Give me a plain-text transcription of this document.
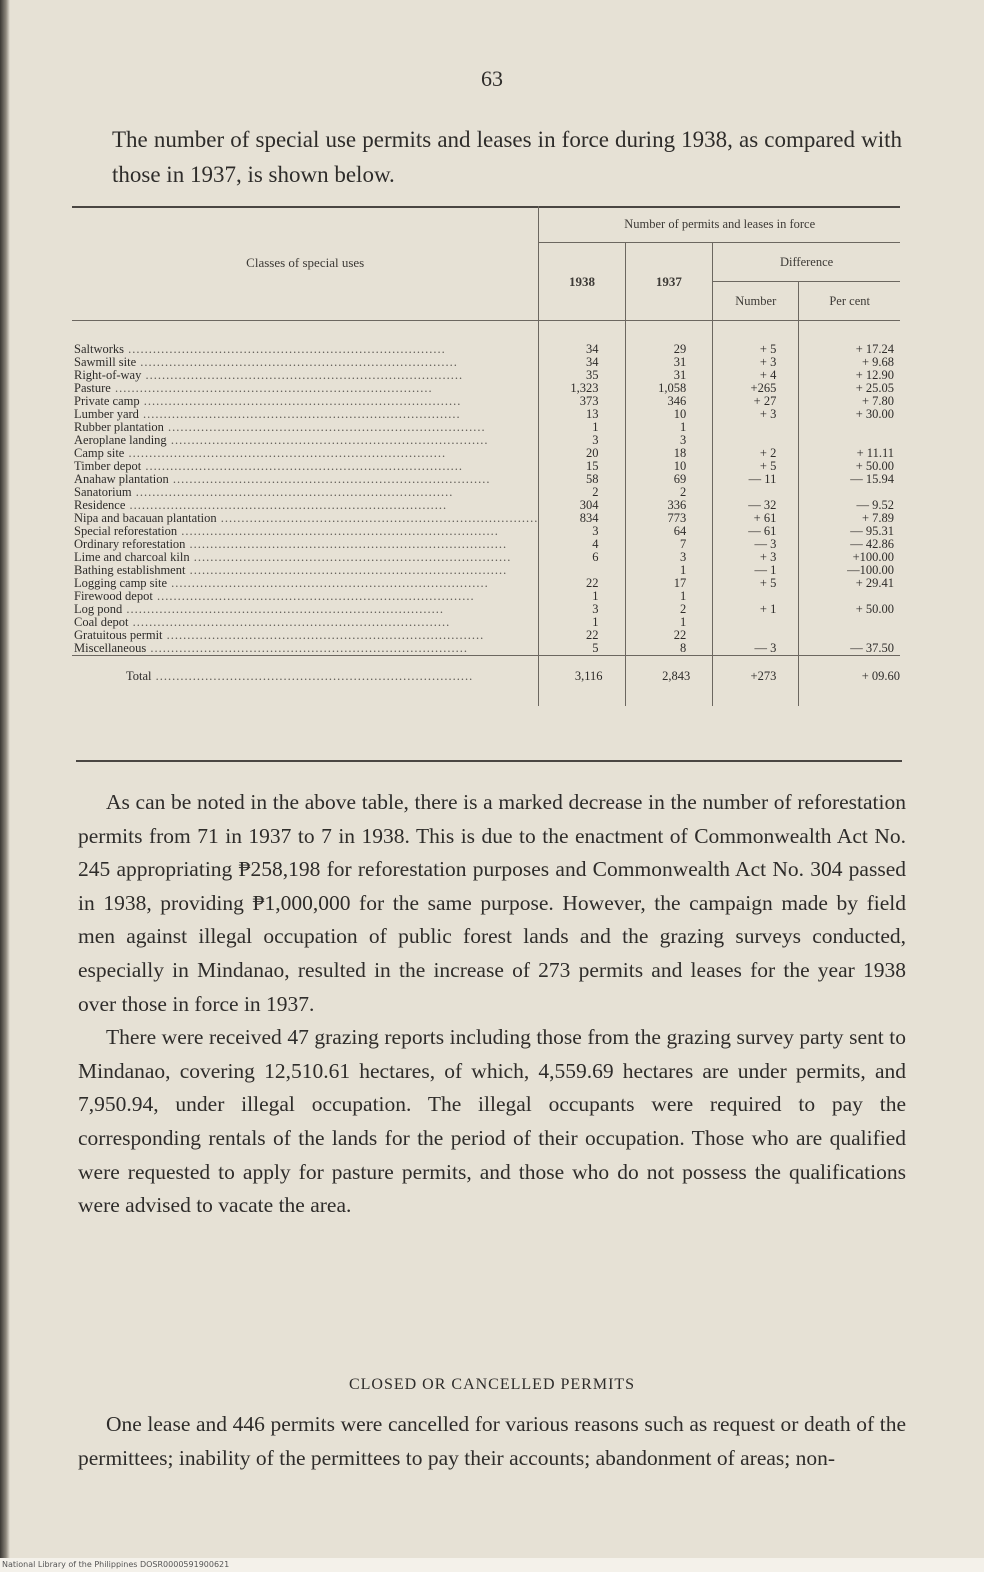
63

The number of special use permits and leases in force during 1938, as compared with those in 1937, is shown below.

Classes of special uses	Number of permits and leases in force			
	1938	1937	Difference	
			Number	Per cent
Saltworks .....	34	29	+ 5	+ 17.24
Sawmill site .....	34	31	+ 3	+ 9.68
Right-of-way .....	35	31	+ 4	+ 12.90
Pasture .....	1,323	1,058	+265	+ 25.05
Private camp .....	373	346	+ 27	+ 7.80
Lumber yard .....	13	10	+ 3	+ 30.00
Rubber plantation .....	1	1		
Aeroplane landing .....	3	3		
Camp site .....	20	18	+ 2	+ 11.11
Timber depot .....	15	10	+ 5	+ 50.00
Anahaw plantation .....	58	69	— 11	— 15.94
Sanatorium .....	2	2		
Residence .....	304	336	— 32	— 9.52
Nipa and bacauan plantation .....	834	773	+ 61	+ 7.89
Special reforestation .....	3	64	— 61	— 95.31
Ordinary reforestation .....	4	7	— 3	— 42.86
Lime and charcoal kiln .....	6	3	+ 3	+100.00
Bathing establishment .....		1	— 1	—100.00
Logging camp site .....	22	17	+ 5	+ 29.41
Firewood depot .....	1	1		
Log pond .....	3	2	+ 1	+ 50.00
Coal depot .....	1	1		
Gratuitous permit .....	22	22		
Miscellaneous .....	5	8	— 3	— 37.50
Total .....	3,116	2,843	+273	+ 09.60

As can be noted in the above table, there is a marked decrease in the number of reforestation permits from 71 in 1937 to 7 in 1938. This is due to the enactment of Commonwealth Act No. 245 appropriating ₱258,198 for reforestation purposes and Commonwealth Act No. 304 passed in 1938, providing ₱1,000,000 for the same purpose. However, the campaign made by field men against illegal occupation of public forest lands and the grazing surveys conducted, especially in Mindanao, resulted in the increase of 273 permits and leases for the year 1938 over those in force in 1937.

There were received 47 grazing reports including those from the grazing survey party sent to Mindanao, covering 12,510.61 hectares, of which, 4,559.69 hectares are under permits, and 7,950.94, under illegal occupation. The illegal occupants were required to pay the corresponding rentals of the lands for the period of their occupation. Those who are qualified were requested to apply for pasture permits, and those who do not possess the qualifications were advised to vacate the area.

CLOSED OR CANCELLED PERMITS

One lease and 446 permits were cancelled for various reasons such as request or death of the permittees; inability of the permittees to pay their accounts; abandonment of areas; non-

National Library of the Philippines DOSR0000591900621
